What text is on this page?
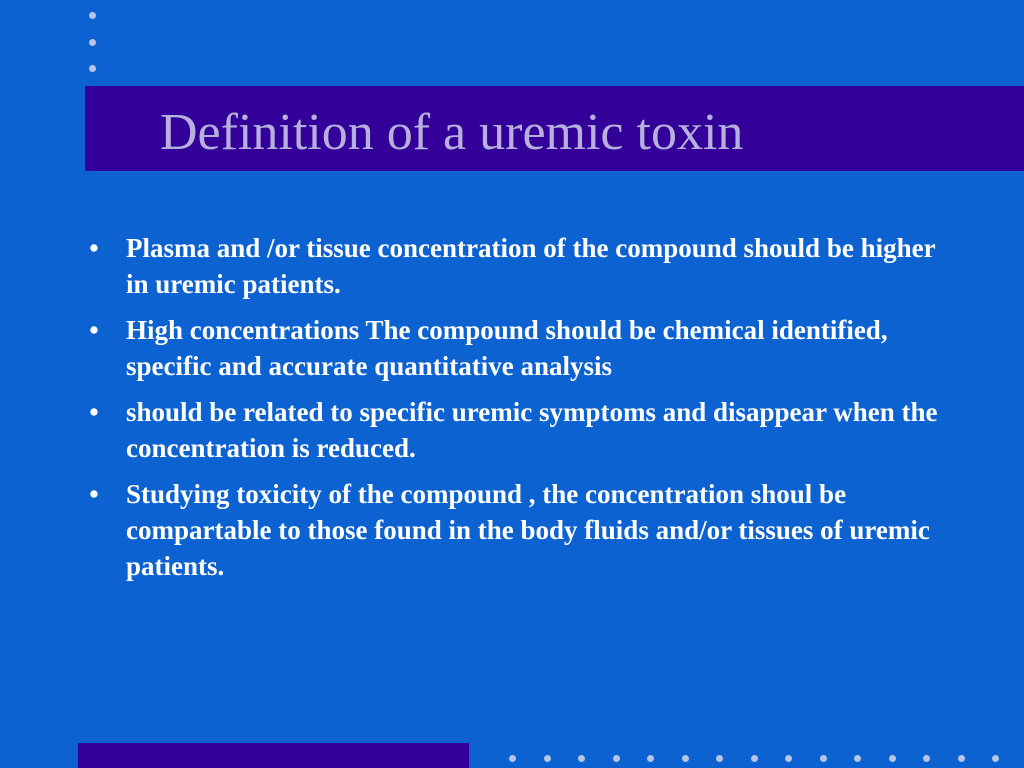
Definition of a uremic toxin
• Plasma and /or tissue concentration of the compound should be higher in uremic patients.
• High concentrations The compound should be chemical identified, specific and accurate quantitative analysis
• should be related to specific uremic symptoms and disappear when the concentration is reduced.
• Studying toxicity of the compound , the concentration shoul be compartable to those found in the body fluids and/or tissues of uremic patients.
